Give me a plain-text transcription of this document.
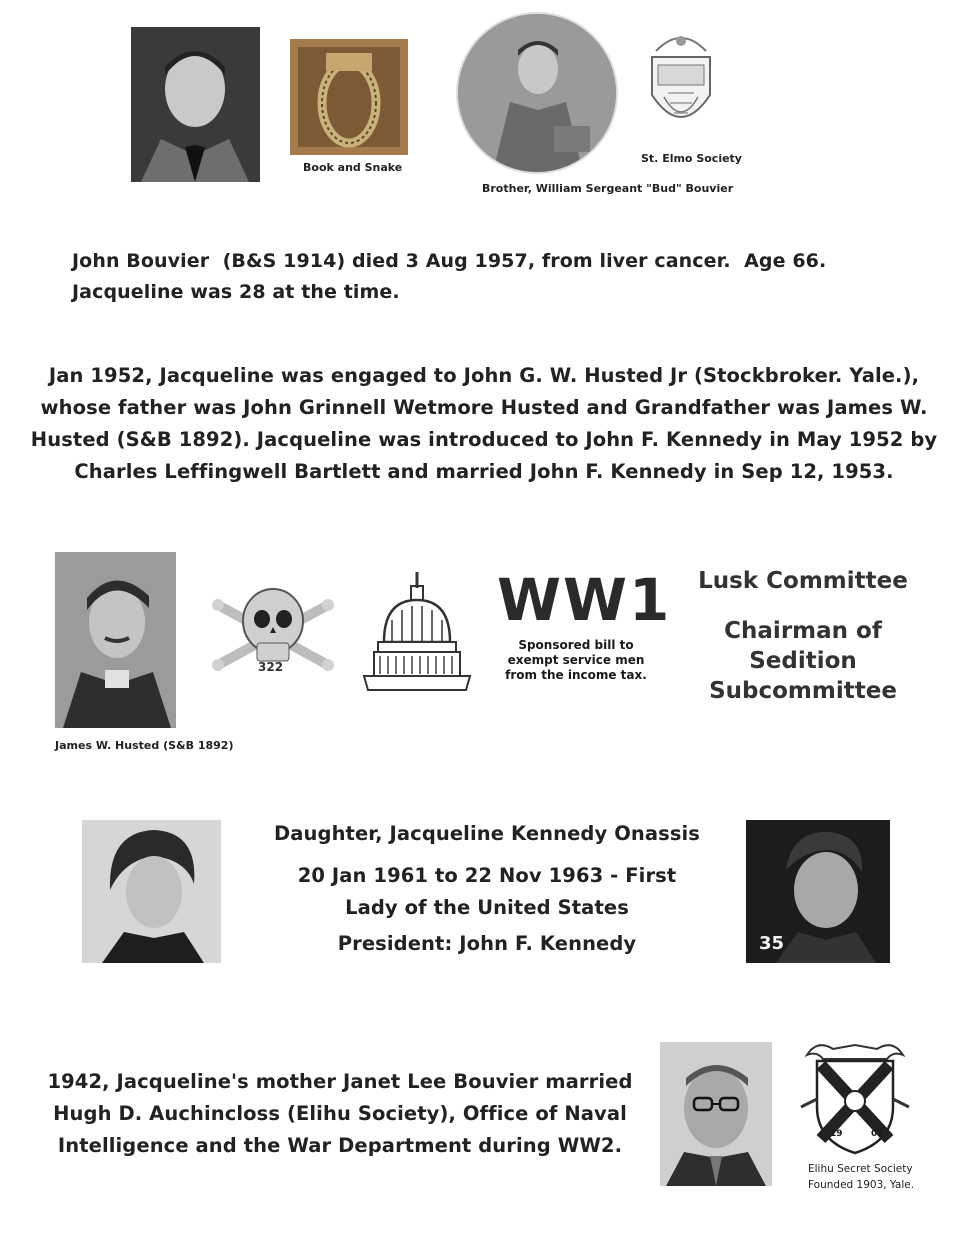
Book and Snake
Brother, William Sergeant "Bud" Bouvier
St. Elmo Society
John Bouvier  (B&S 1914) died 3 Aug 1957, from liver cancer.  Age 66.
Jacqueline was 28 at the time.
Jan 1952, Jacqueline was engaged to John G. W. Husted Jr (Stockbroker. Yale.), whose father was John Grinnell Wetmore Husted and Grandfather was James W. Husted (S&B 1892). Jacqueline was introduced to John F. Kennedy in May 1952 by Charles Leffingwell Bartlett and married John F. Kennedy in Sep 12, 1953.
James W. Husted (S&B 1892)
322
WW1
Sponsored bill to exempt service men from the income tax.
Lusk Committee
Chairman of Sedition Subcommittee
Daughter, Jacqueline Kennedy Onassis
20 Jan 1961 to 22 Nov 1963 - First Lady of the United States
President: John F. Kennedy	35
1942, Jacqueline's mother Janet Lee Bouvier married Hugh D. Auchincloss (Elihu Society), Office of Naval Intelligence and the War Department during WW2.	19	03
Elihu Secret Society
Founded 1903, Yale.
